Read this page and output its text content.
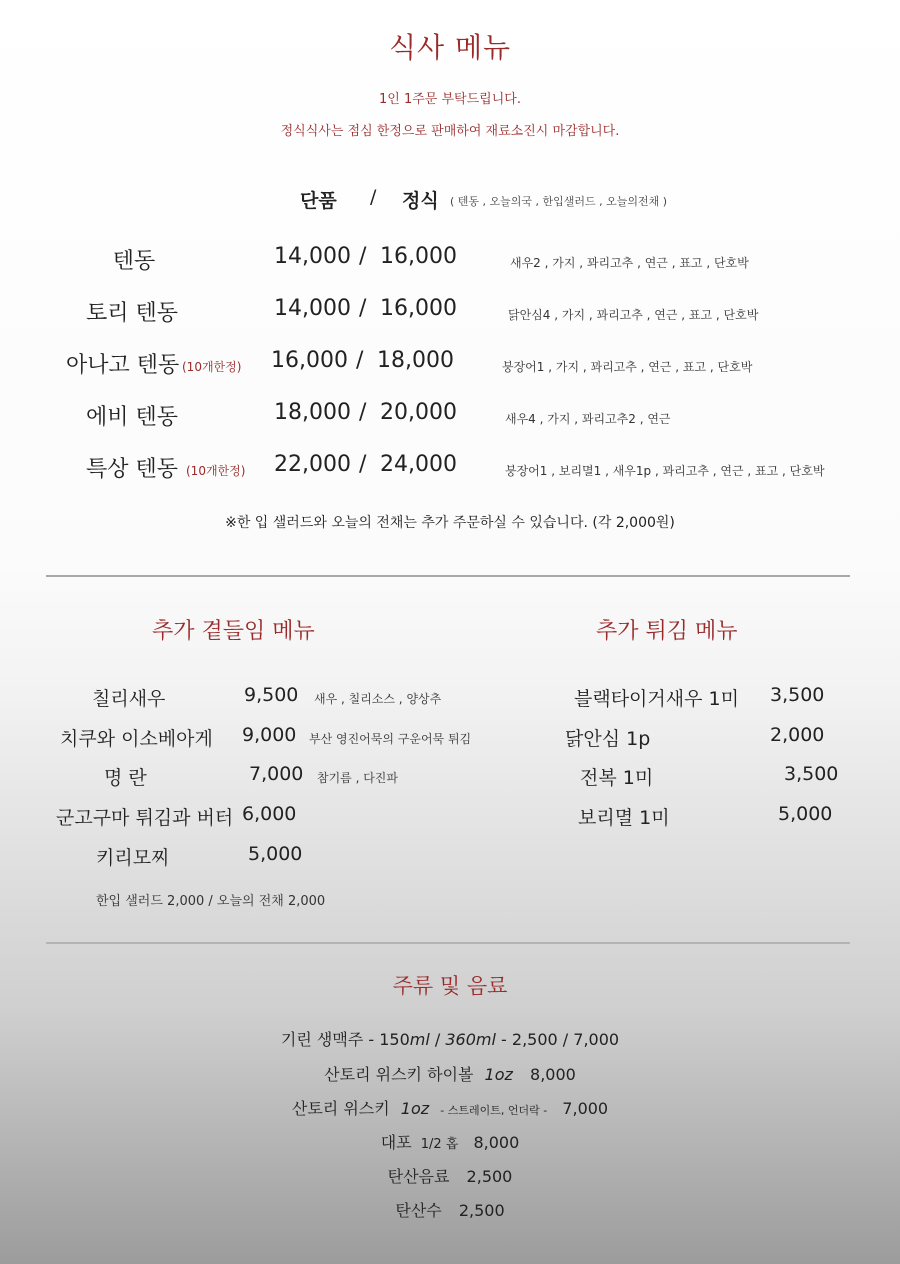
식사 메뉴
1인 1주문 부탁드립니다.
정식식사는 점심 한정으로 판매하여 재료소진시 마감합니다.
단품 / 정식 ( 텐동 , 오늘의국 , 한입샐러드 , 오늘의전채 )
텐동	14,000 / 16,000	새우2 , 가지 , 꽈리고추 , 연근 , 표고 , 단호박
토리 텐동	14,000 / 16,000	닭안심4 , 가지 , 꽈리고추 , 연근 , 표고 , 단호박
아나고 텐동 (10개한정) 16,000 / 18,000	붕장어1 , 가지 , 꽈리고추 , 연근 , 표고 , 단호박
에비 텐동	18,000 / 20,000	새우4 , 가지 , 꽈리고추2 , 연근
특상 텐동 (10개한정) 22,000 / 24,000	붕장어1 , 보리멸1 , 새우1p , 꽈리고추 , 연근 , 표고 , 단호박
※한 입 샐러드와 오늘의 전채는 추가 주문하실 수 있습니다. (각 2,000원)
추가 곁들임 메뉴
칠리새우	9,500 새우 , 칠리소스 , 양상추
치쿠와 이소베아게 9,000 부산 영진어묵의 구운어묵 튀김
명 란	7,000 참기름 , 다진파
군고구마 튀김과 버터 6,000
키리모찌	5,000
한입 샐러드 2,000 / 오늘의 전채 2,000
추가 튀김 메뉴
블랙타이거새우 1미 3,500
닭안심 1p	2,000
전복 1미	3,500
보리멸 1미	5,000
주류 및 음료
기린 생맥주 - 150ml / 360ml - 2,500 / 7,000
산토리 위스키 하이볼 1oz 8,000
산토리 위스키 1oz - 스트레이트, 언더락 - 7,000
대포 1/2 홉 8,000
탄산음료 2,500
탄산수 2,500
